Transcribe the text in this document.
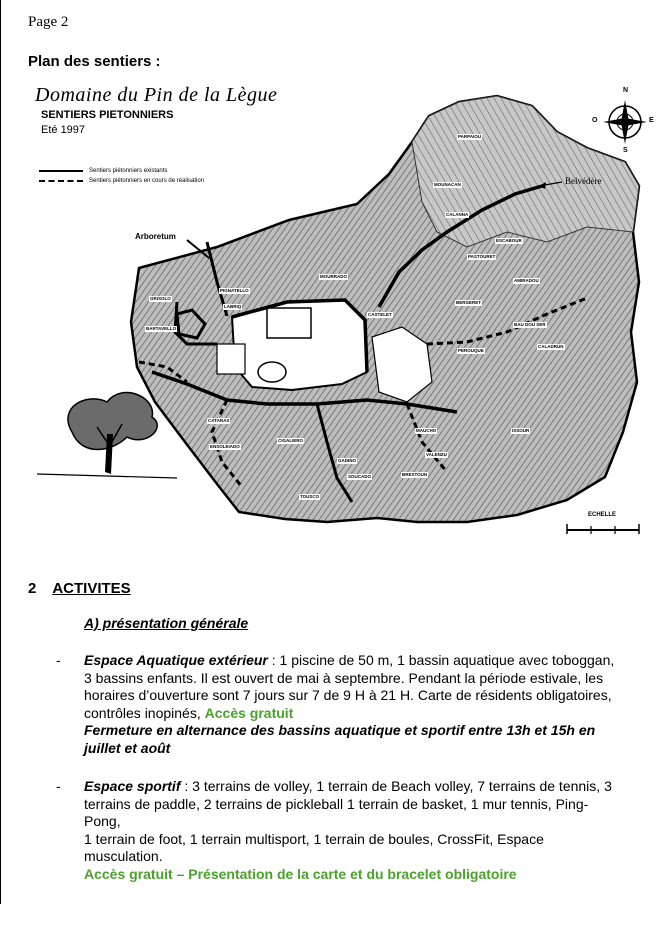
Page 2
Plan des sentiers :
Domaine du Pin de la Lègue
SENTIERS PIETONNIERS
Eté 1997
Sentiers piétonniers existants
Sentiers piétonniers en cours de réalisation	Belvédère
Arboretum
N
S
E
O
ECHELLE
GRISOLO
BARTAVELLO
CATARAS
ENSOLEIADO
CIGALIERO
MOURRADO
MOUNACAN
PARPAIOU
CALANNA
ESCABOUR
PASTOURET
BERGERET
AMIRADOU
BAU DOU SER
PEROUQUE
CALADRUN
MAUCHO
BRESTOUN
VALENZU
GADINO
SOUCADO
ISSOUR
TOUSCO
CASTELET
PIGNATELLO
LABRIQ
2 ACTIVITES
A) présentation générale
- Espace Aquatique extérieur : 1 piscine de 50 m, 1 bassin aquatique avec toboggan, 3 bassins enfants. Il est ouvert de mai à septembre. Pendant la période estivale, les horaires d’ouverture sont 7 jours sur 7 de 9 H à 21 H. Carte de résidents obligatoires, contrôles inopinés, Accès gratuit
Fermeture en alternance des bassins aquatique et sportif entre 13h et 15h en juillet et août
- Espace sportif : 3 terrains de volley, 1 terrain de Beach volley, 7 terrains de tennis, 3 terrains de paddle, 2 terrains de pickleball 1 terrain de basket, 1 mur tennis, Ping-Pong,
1 terrain de foot, 1 terrain multisport, 1 terrain de boules, CrossFit, Espace musculation.
Accès gratuit – Présentation de la carte et du bracelet obligatoire
